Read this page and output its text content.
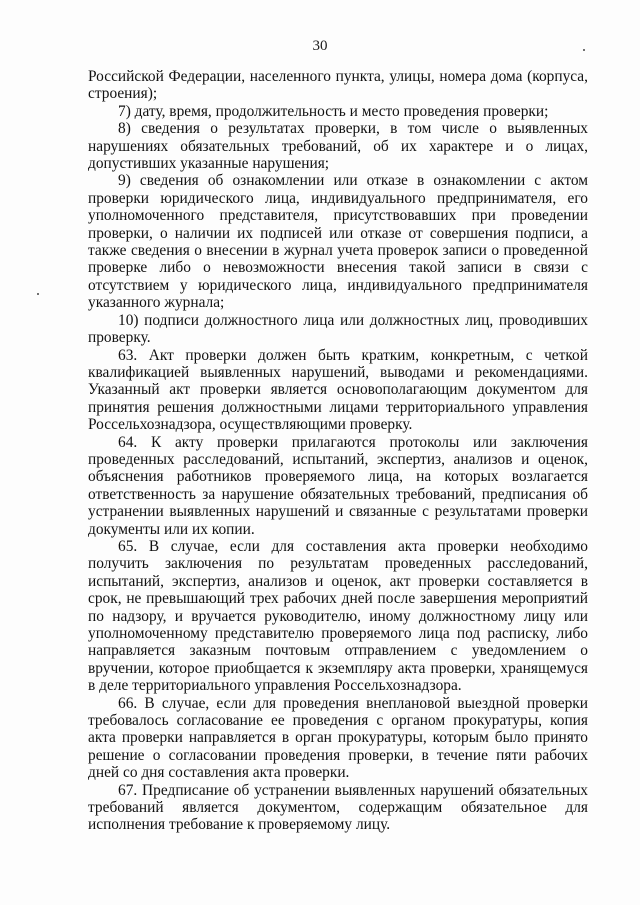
30

Российской Федерации, населенного пункта, улицы, номера дома (корпуса, строения);

7) дату, время, продолжительность и место проведения проверки;

8) сведения о результатах проверки, в том числе о выявленных нарушениях обязательных требований, об их характере и о лицах, допустивших указанные нарушения;

9) сведения об ознакомлении или отказе в ознакомлении с актом проверки юридического лица, индивидуального предпринимателя, его уполномоченного представителя, присутствовавших при проведении проверки, о наличии их подписей или отказе от совершения подписи, а также сведения о внесении в журнал учета проверок записи о проведенной проверке либо о невозможности внесения такой записи в связи с отсутствием у юридического лица, индивидуального предпринимателя указанного журнала;

10) подписи должностного лица или должностных лиц, проводивших проверку.

63. Акт проверки должен быть кратким, конкретным, с четкой квалификацией выявленных нарушений, выводами и рекомендациями. Указанный акт проверки является основополагающим документом для принятия решения должностными лицами территориального управления Россельхознадзора, осуществляющими проверку.

64. К акту проверки прилагаются протоколы или заключения проведенных расследований, испытаний, экспертиз, анализов и оценок, объяснения работников проверяемого лица, на которых возлагается ответственность за нарушение обязательных требований, предписания об устранении выявленных нарушений и связанные с результатами проверки документы или их копии.

65. В случае, если для составления акта проверки необходимо получить заключения по результатам проведенных расследований, испытаний, экспертиз, анализов и оценок, акт проверки составляется в срок, не превышающий трех рабочих дней после завершения мероприятий по надзору, и вручается руководителю, иному должностному лицу или уполномоченному представителю проверяемого лица под расписку, либо направляется заказным почтовым отправлением с уведомлением о вручении, которое приобщается к экземпляру акта проверки, хранящемуся в деле территориального управления Россельхознадзора.

66. В случае, если для проведения внеплановой выездной проверки требовалось согласование ее проведения с органом прокуратуры, копия акта проверки направляется в орган прокуратуры, которым было принято решение о согласовании проведения проверки, в течение пяти рабочих дней со дня составления акта проверки.

67. Предписание об устранении выявленных нарушений обязательных требований является документом, содержащим обязательное для исполнения требование к проверяемому лицу.
